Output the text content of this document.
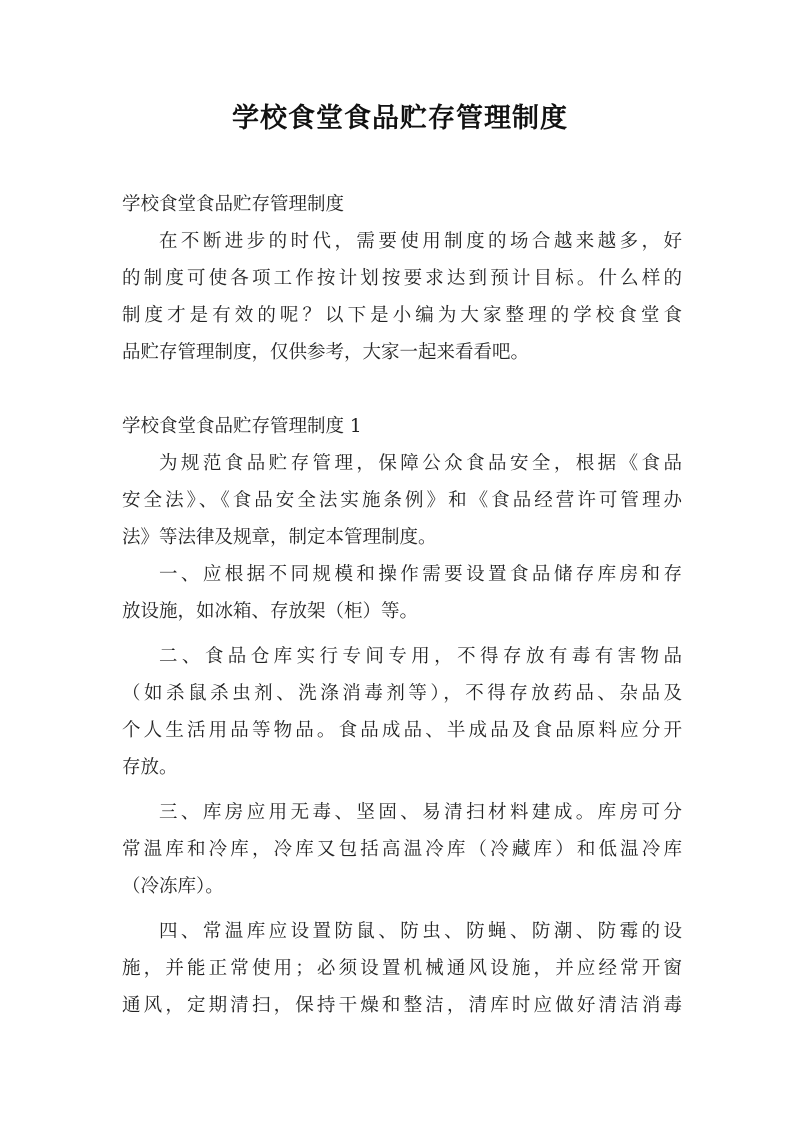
学校食堂食品贮存管理制度
学校食堂食品贮存管理制度
在不断进步的时代，需要使用制度的场合越来越多，好
的制度可使各项工作按计划按要求达到预计目标。什么样的
制度才是有效的呢？以下是小编为大家整理的学校食堂食
品贮存管理制度，仅供参考，大家一起来看看吧。
学校食堂食品贮存管理制度 1
为规范食品贮存管理，保障公众食品安全，根据《食品
安全法》、《食品安全法实施条例》和《食品经营许可管理办
法》等法律及规章，制定本管理制度。
一、应根据不同规模和操作需要设置食品储存库房和存
放设施，如冰箱、存放架（柜）等。
二、食品仓库实行专间专用，不得存放有毒有害物品
（如杀鼠杀虫剂、洗涤消毒剂等），不得存放药品、杂品及
个人生活用品等物品。食品成品、半成品及食品原料应分开
存放。
三、库房应用无毒、坚固、易清扫材料建成。库房可分
常温库和冷库，冷库又包括高温冷库（冷藏库）和低温冷库
（冷冻库）。
四、常温库应设置防鼠、防虫、防蝇、防潮、防霉的设
施，并能正常使用；必须设置机械通风设施，并应经常开窗
通风，定期清扫，保持干燥和整洁，清库时应做好清洁消毒
